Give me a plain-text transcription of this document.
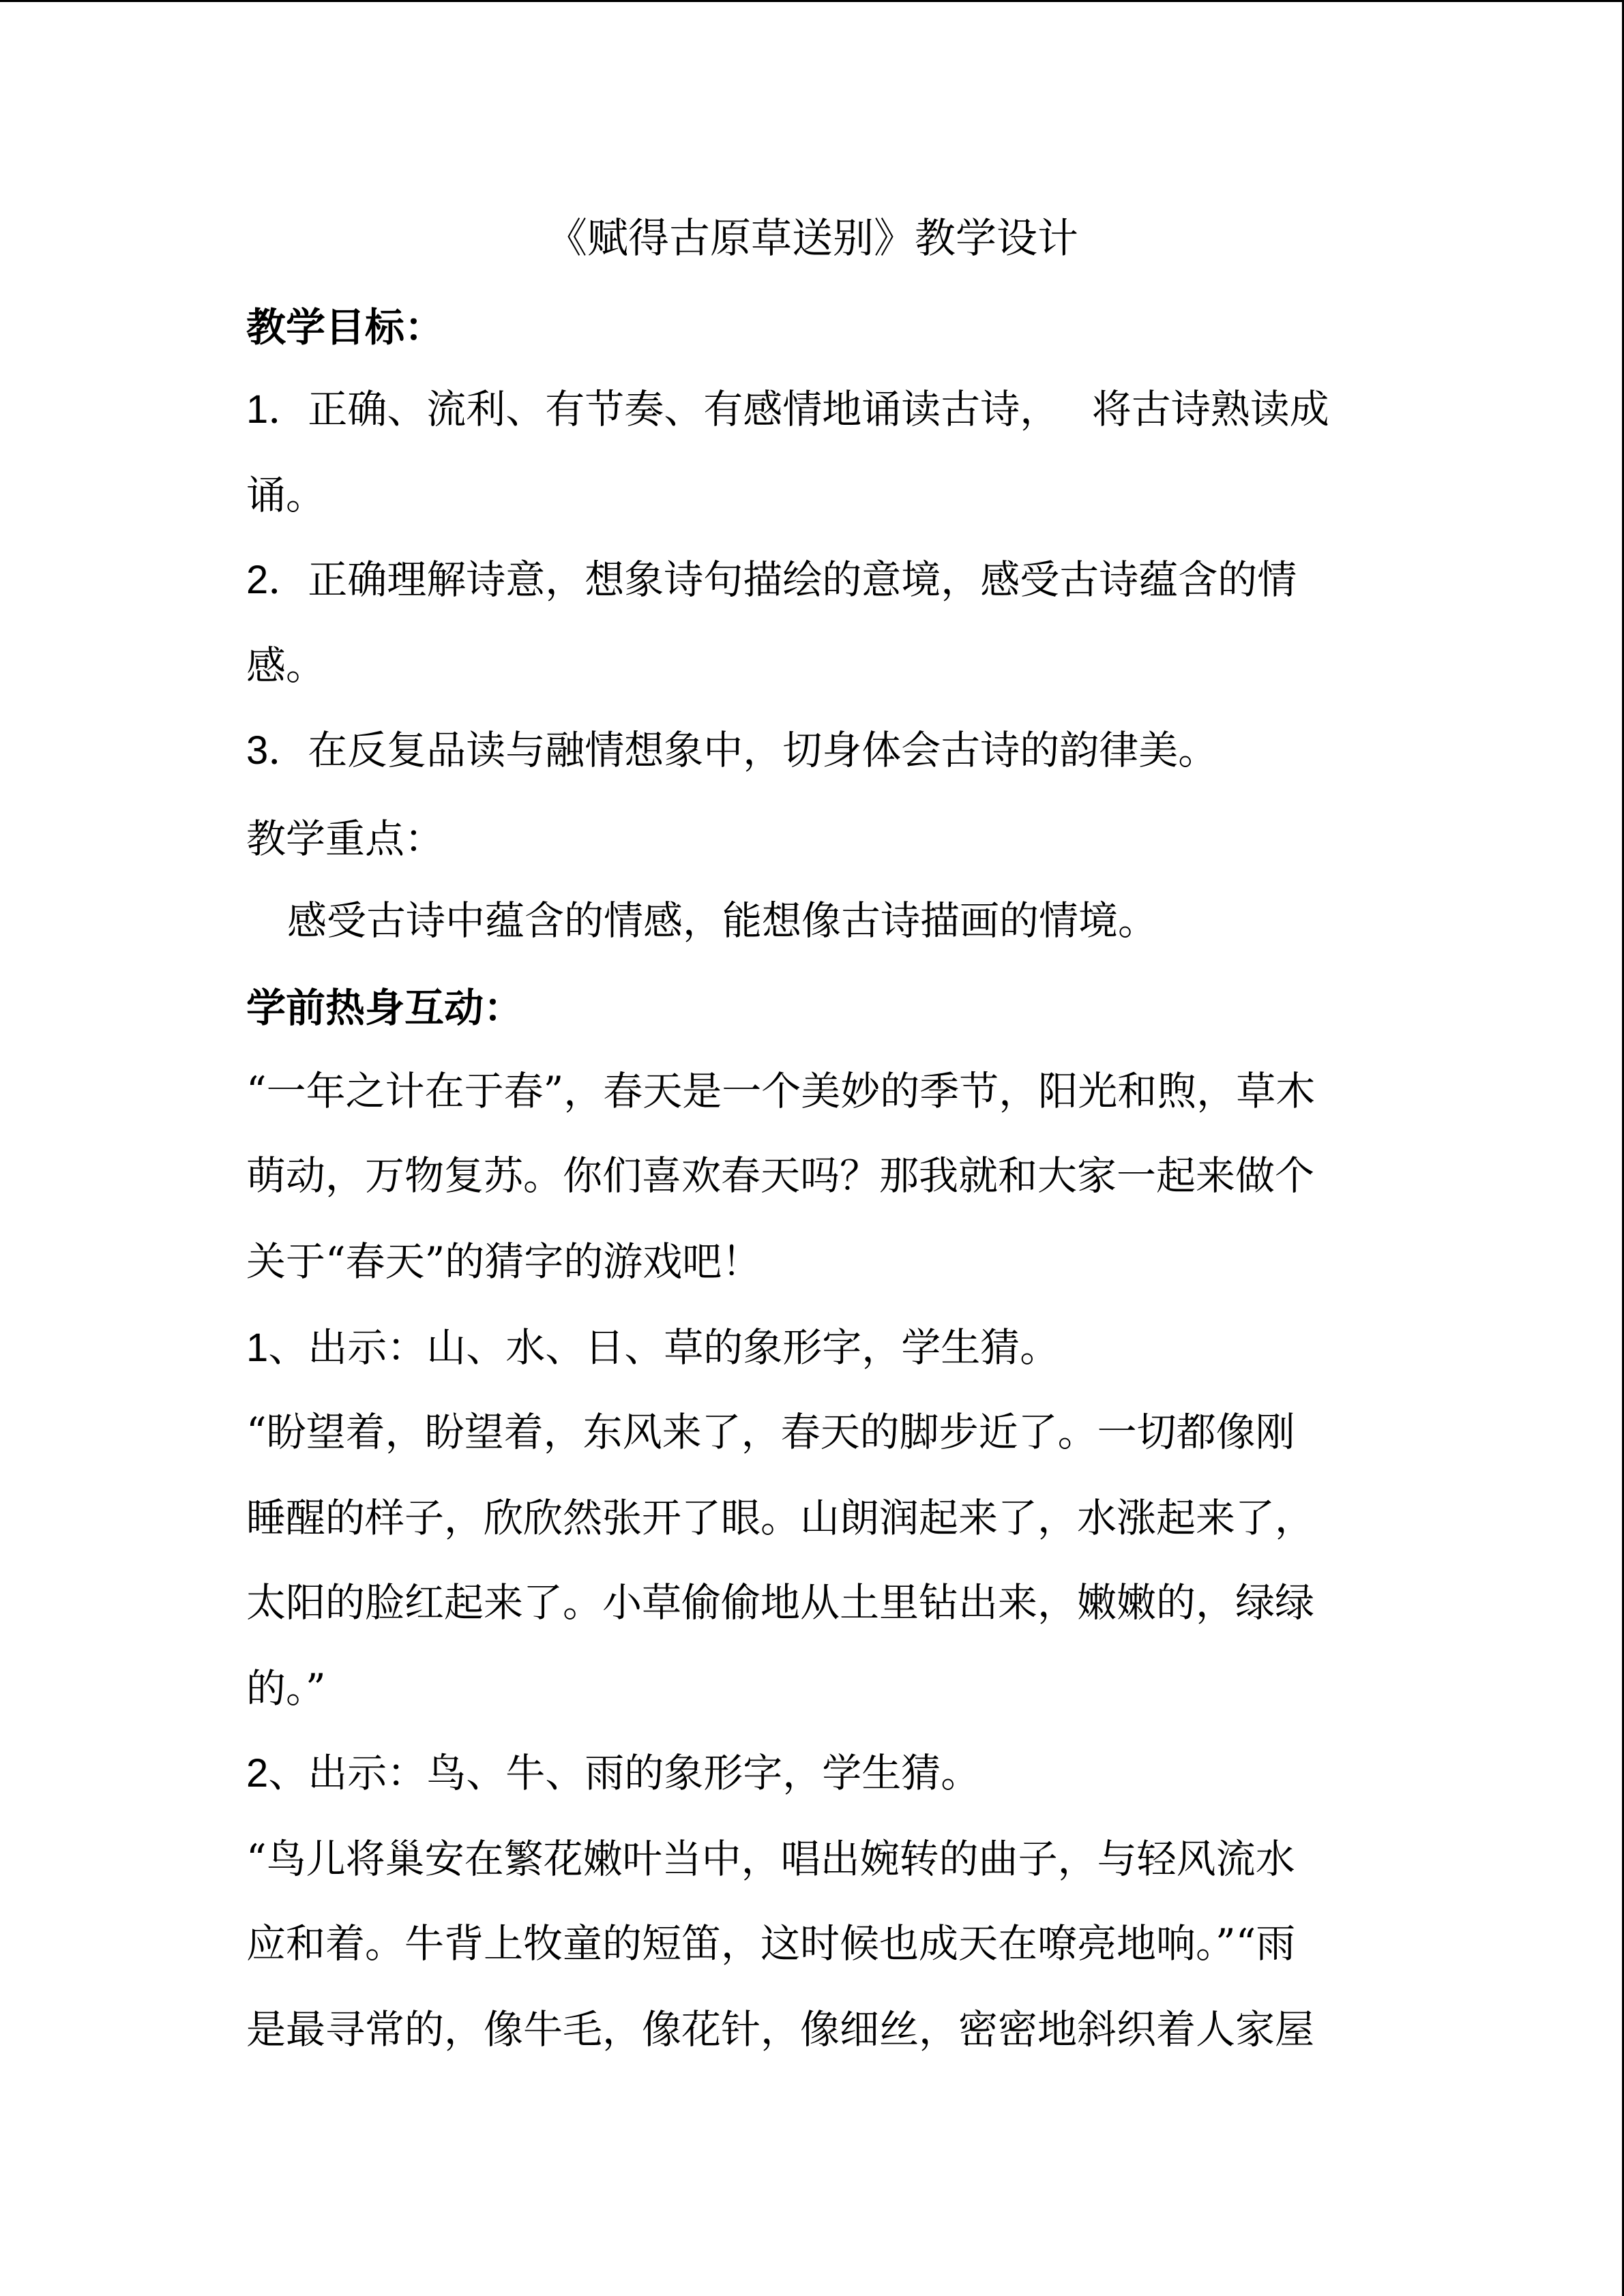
《赋得古原草送别》教学设计
教学目标：
1．正确、流利、有节奏、有感情地诵读古诗，　 将古诗熟读成
诵。
2．正确理解诗意，想象诗句描绘的意境，感受古诗蕴含的情
感。
3．在反复品读与融情想象中，切身体会古诗的韵律美。
教学重点：
感受古诗中蕴含的情感，能想像古诗描画的情境。
学前热身互动：
“一年之计在于春”，春天是一个美妙的季节，阳光和煦，草木
萌动，万物复苏。你们喜欢春天吗？那我就和大家一起来做个
关于“春天”的猜字的游戏吧！
1、出示：山、水、日、草的象形字，学生猜。
“盼望着，盼望着，东风来了，春天的脚步近了。一切都像刚
睡醒的样子，欣欣然张开了眼。山朗润起来了，水涨起来了，
太阳的脸红起来了。小草偷偷地从土里钻出来，嫩嫩的，绿绿
的。”
2、出示：鸟、牛、雨的象形字，学生猜。
“鸟儿将巢安在繁花嫩叶当中，唱出婉转的曲子，与轻风流水
应和着。牛背上牧童的短笛，这时候也成天在嘹亮地响。”“雨
是最寻常的，像牛毛，像花针，像细丝，密密地斜织着人家屋
